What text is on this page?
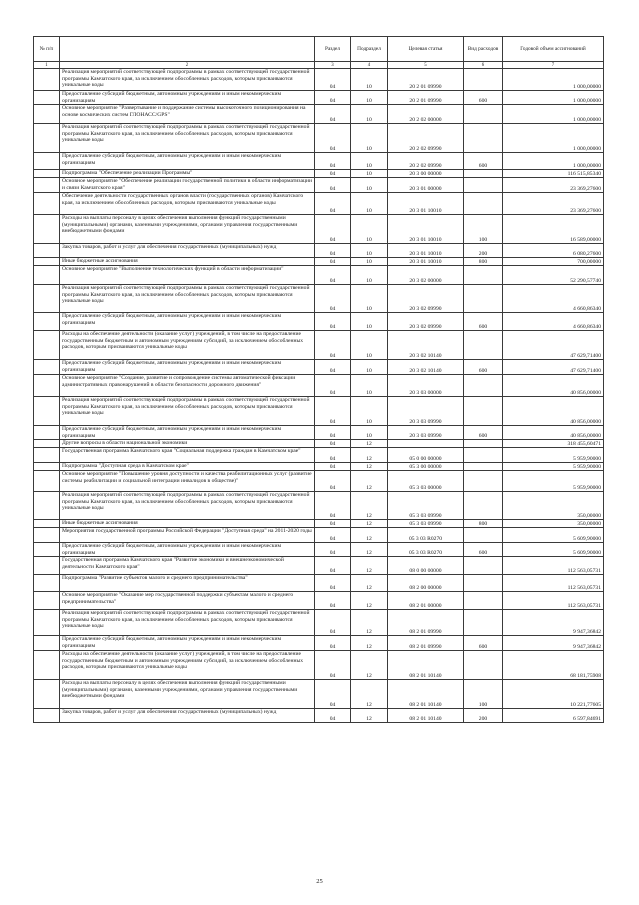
№ п/п		Раздел	Подраздел	Целевая статья	Вид расходов	Годовой объем ассигнований
1	2	3	4	5	6	7
	Реализация мероприятий соответствующей подпрограммы в рамках соответствующей государственной программы Камчатского края, за исключением обособленных расходов, которым присваиваются уникальные коды	04	10	20 2 01 09990		1 000,00000
	Предоставление субсидий бюджетным, автономным учреждениям и иным некоммерческим организациям	04	10	20 2 01 09990	600	1 000,00000
	Основное мероприятие "Развертывание и поддержание системы высокоточного позиционирования на основе космических систем ГЛОНАСС/GPS"	04	10	20 2 02 00000		1 000,00000
	Реализация мероприятий соответствующей подпрограммы в рамках соответствующей государственной программы Камчатского края, за исключением обособленных расходов, которым присваиваются уникальные коды	04	10	20 2 02 09990		1 000,00000
	Предоставление субсидий бюджетным, автономным учреждениям и иным некоммерческим организациям	04	10	20 2 02 09990	600	1 000,00000
	Подпрограмма "Обеспечение реализации Программы"	04	10	20 3 00 00000		116 515,85340
	Основное мероприятие "Обеспечение реализации государственной политики в области информатизации и связи Камчатского края"	04	10	20 3 01 00000		23 369,27600
	Обеспечение деятельности государственных органов власти (государственных органов) Камчатского края, за исключением обособленных расходов, которым присваиваются уникальные коды	04	10	20 3 01 10010		23 369,27600
	Расходы на выплаты персоналу в целях обеспечения выполнения функций государственными (муниципальными) органами, казенными учреждениями, органами управления государственными внебюджетными фондами	04	10	20 3 01 10010	100	16 589,00000
	Закупка товаров, работ и услуг для обеспечения государственных (муниципальных) нужд	04	10	20 3 01 10010	200	6 080,27600
	Иные бюджетные ассигнования	04	10	20 3 01 10010	800	700,00000
	Основное мероприятие "Выполнение технологических функций в области информатизации"	04	10	20 3 02 00000		52 290,57740
	Реализация мероприятий соответствующей подпрограммы в рамках соответствующей государственной программы Камчатского края, за исключением обособленных расходов, которым присваиваются уникальные коды	04	10	20 3 02 09990		4 660,86340
	Предоставление субсидий бюджетным, автономным учреждениям и иным некоммерческим организациям	04	10	20 3 02 09990	600	4 660,86340
	Расходы на обеспечение деятельности (оказание услуг) учреждений, в том числе на предоставление государственным бюджетным и автономным учреждениям субсидий, за исключением обособленных расходов, которым присваиваются уникальные коды	04	10	20 3 02 10140		47 629,71400
	Предоставление субсидий бюджетным, автономным учреждениям и иным некоммерческим организациям	04	10	20 3 02 10140	600	47 629,71400
	Основное мероприятие "Создание, развитие и сопровождение системы автоматической фиксации административных правонарушений в области безопасности дорожного движения"	04	10	20 3 03 00000		40 856,00000
	Реализация мероприятий соответствующей подпрограммы в рамках соответствующей государственной программы Камчатского края, за исключением обособленных расходов, которым присваиваются уникальные коды	04	10	20 3 03 09990		40 856,00000
	Предоставление субсидий бюджетным, автономным учреждениям и иным некоммерческим организациям	04	10	20 3 03 09990	600	40 856,00000
	Другие вопросы в области национальной экономики	04	12			318 455,60471
	Государственная программа Камчатского края "Социальная поддержка граждан в Камчатском крае"	04	12	05 0 00 00000		5 959,90000
	Подпрограмма "Доступная среда в Камчатском крае"	04	12	05 3 00 00000		5 959,90000
	Основное мероприятие "Повышение уровня доступности и качества реабилитационных услуг (развитие системы реабилитации и социальной интеграции инвалидов в обществе)"	04	12	05 3 03 00000		5 959,90000
	Реализация мероприятий соответствующей подпрограммы в рамках соответствующей государственной программы Камчатского края, за исключением обособленных расходов, которым присваиваются уникальные коды	04	12	05 3 03 09990		350,00000
	Иные бюджетные ассигнования	04	12	05 3 03 09990	800	350,00000
	Мероприятия государственной программы Российской Федерации "Доступная среда" на 2011-2020 годы	04	12	05 3 03 R0270		5 609,90000
	Предоставление субсидий бюджетным, автономным учреждениям и иным некоммерческим организациям	04	12	05 3 03 R0270	600	5 609,90000
	Государственная программа Камчатского края "Развитие экономики и внешнеэкономической деятельности Камчатского края"	04	12	08 0 00 00000		112 563,05731
	Подпрограмма "Развитие субъектов малого и среднего предпринимательства"	04	12	08 2 00 00000		112 563,05731
	Основное мероприятие "Оказание мер государственной поддержки субъектам малого и среднего предпринимательства"	04	12	08 2 01 00000		112 563,05731
	Реализация мероприятий соответствующей подпрограммы в рамках соответствующей государственной программы Камчатского края, за исключением обособленных расходов, которым присваиваются уникальные коды	04	12	08 2 01 09990		9 947,36842
	Предоставление субсидий бюджетным, автономным учреждениям и иным некоммерческим организациям	04	12	08 2 01 09990	600	9 947,36842
	Расходы на обеспечение деятельности (оказание услуг) учреждений, в том числе на предоставление государственным бюджетным и автономным учреждениям субсидий, за исключением обособленных расходов, которым присваиваются уникальные коды	04	12	08 2 01 10140		68 181,75908
	Расходы на выплаты персоналу в целях обеспечения выполнения функций государственными (муниципальными) органами, казенными учреждениями, органами управления государственными внебюджетными фондами	04	12	08 2 01 10140	100	10 221,77605
	Закупка товаров, работ и услуг для обеспечения государственных (муниципальных) нужд	04	12	08 2 01 10140	200	6 597,84691
25
